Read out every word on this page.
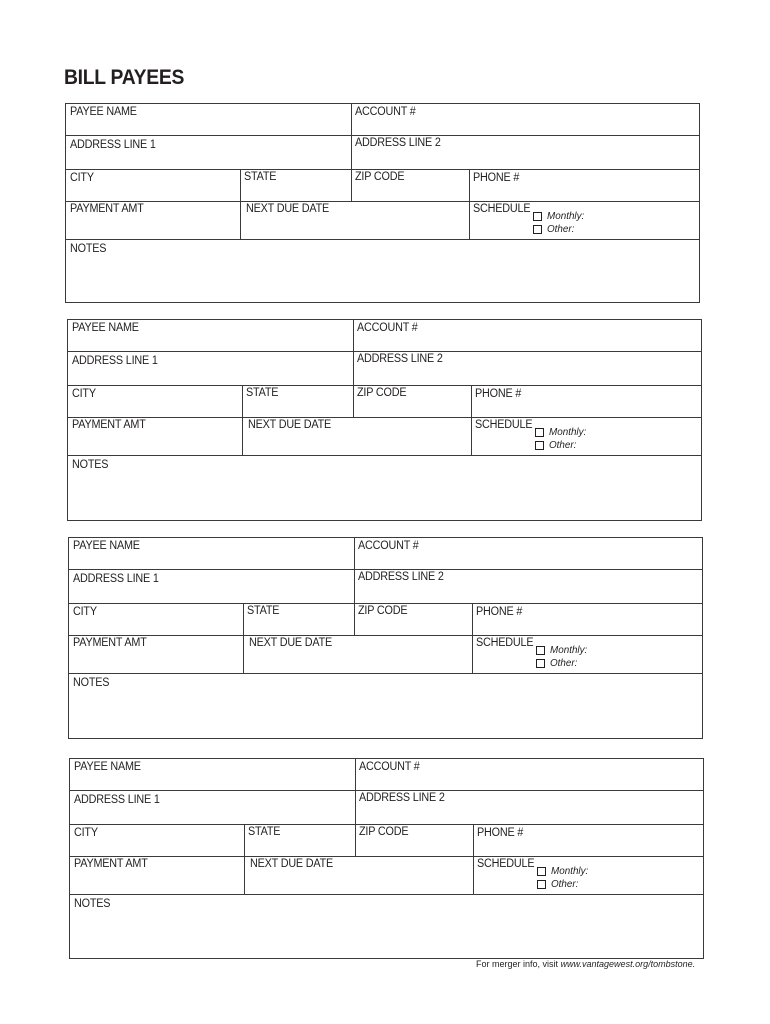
BILL PAYEES
PAYEE NAME	ACCOUNT #
ADDRESS LINE 1	ADDRESS LINE 2
CITY	STATE	ZIP CODE	PHONE #
PAYMENT AMT	NEXT DUE DATE	SCHEDULE
Monthly:
Other:
NOTES
PAYEE NAME	ACCOUNT #
ADDRESS LINE 1	ADDRESS LINE 2
CITY	STATE	ZIP CODE	PHONE #
PAYMENT AMT	NEXT DUE DATE	SCHEDULE
Monthly:
Other:
NOTES
PAYEE NAME	ACCOUNT #
ADDRESS LINE 1	ADDRESS LINE 2
CITY	STATE	ZIP CODE	PHONE #
PAYMENT AMT	NEXT DUE DATE	SCHEDULE
Monthly:
Other:
NOTES
PAYEE NAME	ACCOUNT #
ADDRESS LINE 1	ADDRESS LINE 2
CITY	STATE	ZIP CODE	PHONE #
PAYMENT AMT	NEXT DUE DATE	SCHEDULE
Monthly:
Other:
NOTES
For merger info, visit www.vantagewest.org/tombstone.
